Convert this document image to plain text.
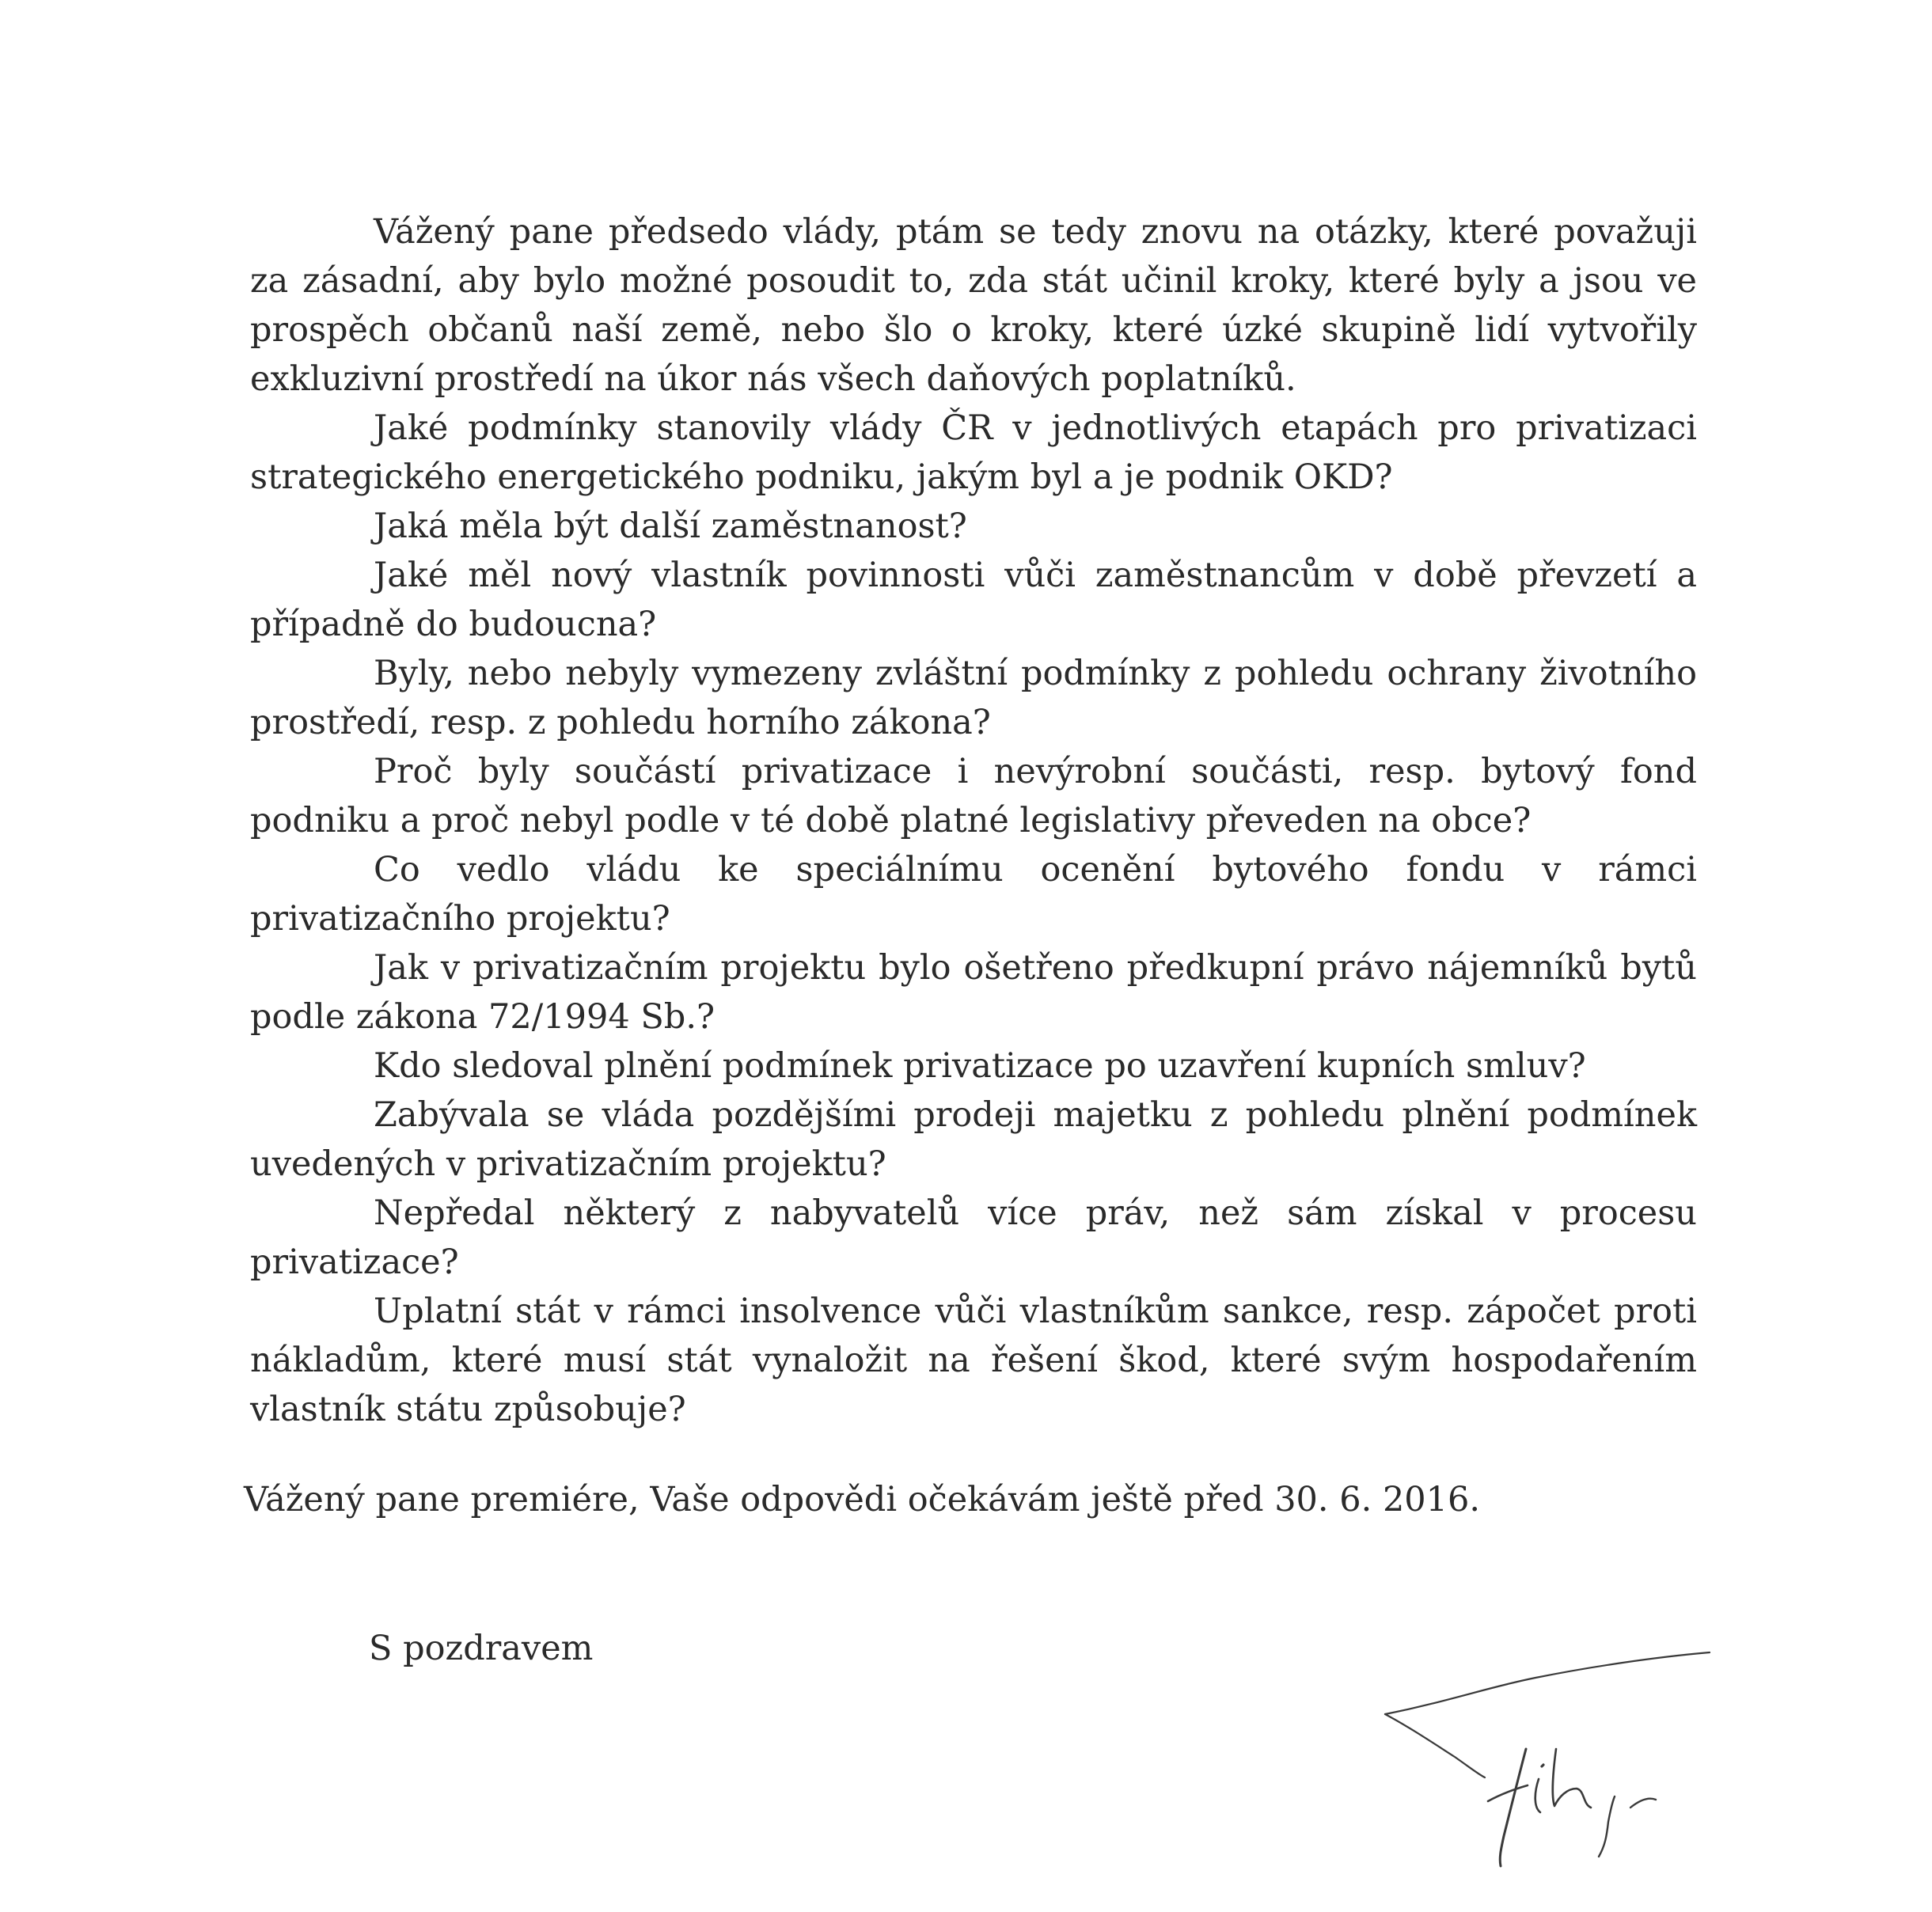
Vážený pane předsedo vlády, ptám se tedy znovu na otázky, které považuji za zásadní, aby bylo možné posoudit to, zda stát učinil kroky, které byly a jsou ve prospěch občanů naší země, nebo šlo o kroky, které úzké skupině lidí vytvořily exkluzivní prostředí na úkor nás všech daňových poplatníků.

Jaké podmínky stanovily vlády ČR v jednotlivých etapách pro privatizaci strategického energetického podniku, jakým byl a je podnik OKD?

Jaká měla být další zaměstnanost?

Jaké měl nový vlastník povinnosti vůči zaměstnancům v době převzetí a případně do budoucna?

Byly, nebo nebyly vymezeny zvláštní podmínky z pohledu ochrany životního prostředí, resp. z pohledu horního zákona?

Proč byly součástí privatizace i nevýrobní součásti, resp. bytový fond podniku a proč nebyl podle v té době platné legislativy převeden na obce?

Co vedlo vládu ke speciálnímu ocenění bytového fondu v rámci privatizačního projektu?

Jak v privatizačním projektu bylo ošetřeno předkupní právo nájemníků bytů podle zákona 72/1994 Sb.?

Kdo sledoval plnění podmínek privatizace po uzavření kupních smluv?

Zabývala se vláda pozdějšími prodeji majetku z pohledu plnění podmínek uvedených v privatizačním projektu?

Nepředal některý z nabyvatelů více práv, než sám získal v procesu privatizace?

Uplatní stát v rámci insolvence vůči vlastníkům sankce, resp. zápočet proti nákladům, které musí stát vynaložit na řešení škod, které svým hospodařením vlastník státu způsobuje?

Vážený pane premiére, Vaše odpovědi očekávám ještě před 30. 6. 2016.
S pozdravem
